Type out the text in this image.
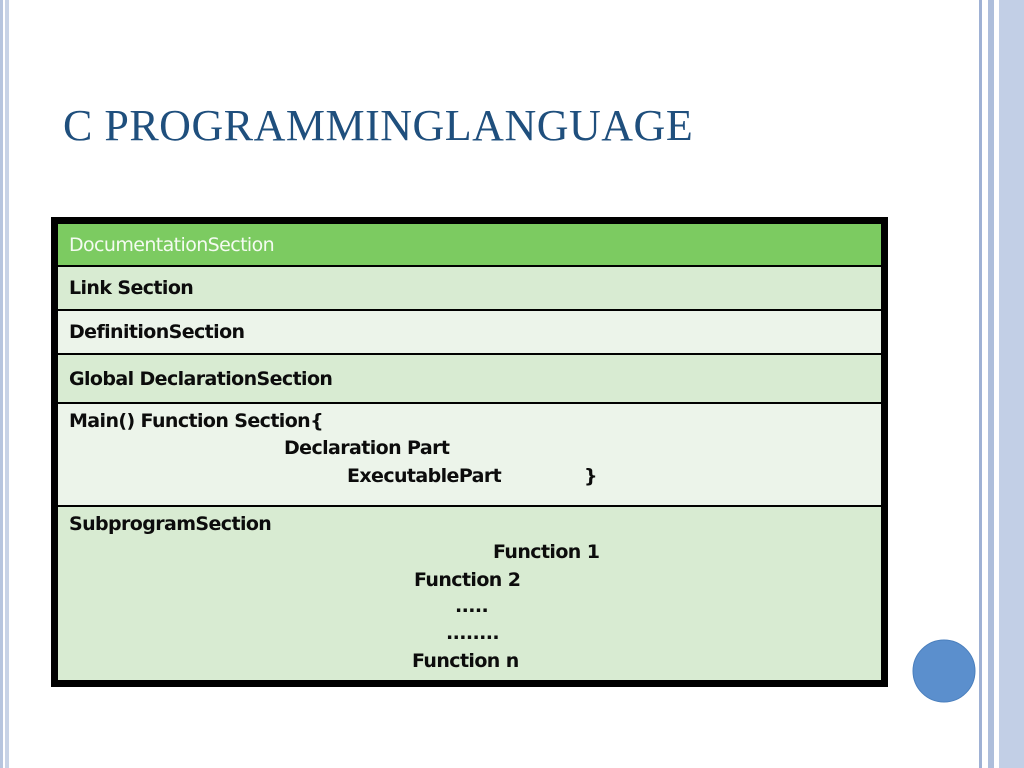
C PROGRAMMINGLANGUAGE
DocumentationSection
Link Section
DefinitionSection
Global DeclarationSection
Main() Function Section{
Declaration Part
ExecutablePart	}
SubprogramSection
Function 1
Function 2
.....
........
Function n
